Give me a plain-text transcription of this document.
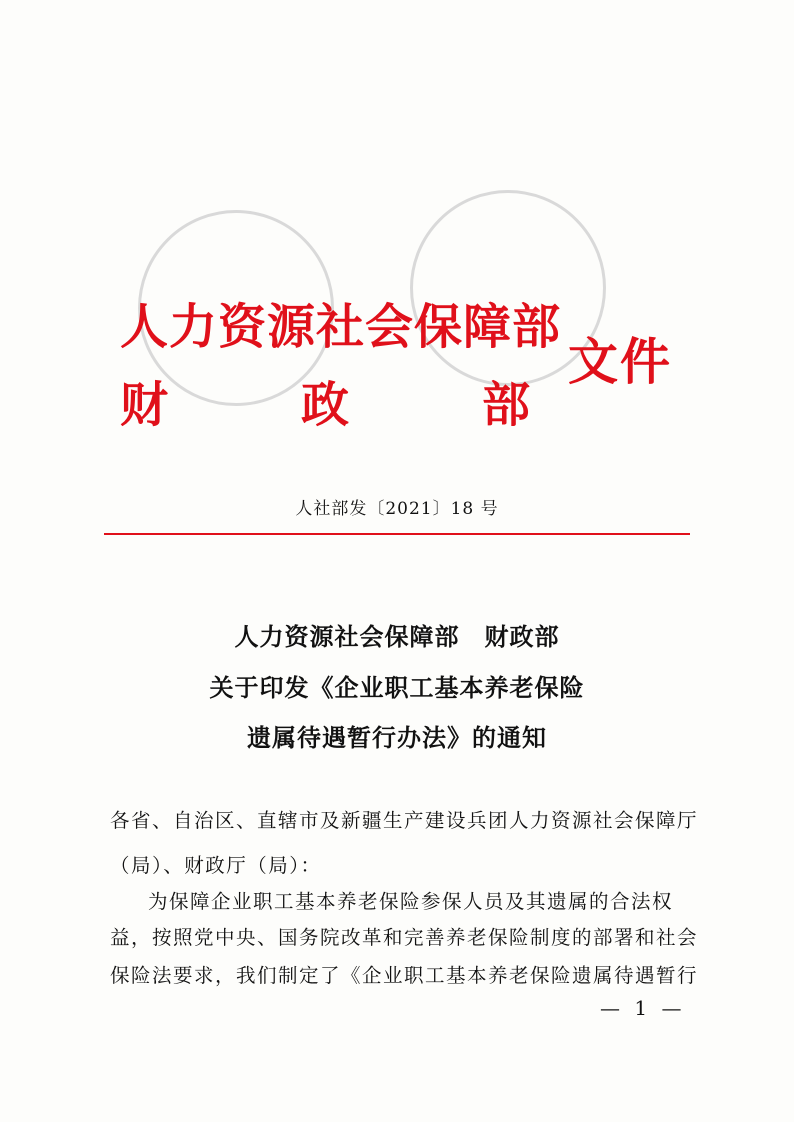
人力资源社会保障部
财	政	部
文件
人社部发〔2021〕18 号
人力资源社会保障部　财政部
关于印发《企业职工基本养老保险
遗属待遇暂行办法》的通知
各省、自治区、直辖市及新疆生产建设兵团人力资源社会保障厅
（局）、财政厅（局）：
为保障企业职工基本养老保险参保人员及其遗属的合法权
益，按照党中央、国务院改革和完善养老保险制度的部署和社会
保险法要求，我们制定了《企业职工基本养老保险遗属待遇暂行
— 1 —
